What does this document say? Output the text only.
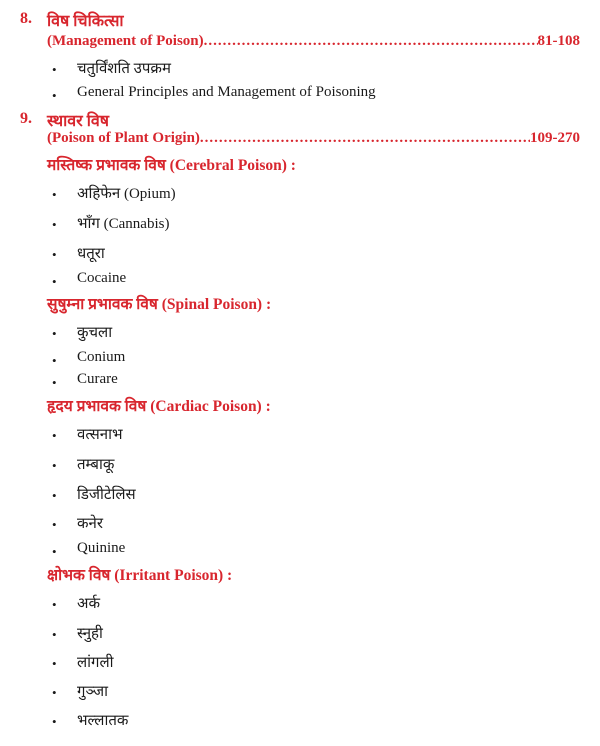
8. विष चिकित्सा
(Management of Poison) .....	81-108
• चतुर्विंशति उपक्रम
• General Principles and Management of Poisoning
9. स्थावर विष
(Poison of Plant Origin) .....	109-270
मस्तिष्क प्रभावक विष (Cerebral Poison) :
• अहिफेन (Opium)
• भाँग (Cannabis)
• धतूरा
• Cocaine
सुषुम्ना प्रभावक विष (Spinal Poison) :
• कुचला
• Conium
• Curare
हृदय प्रभावक विष (Cardiac Poison) :
• वत्सनाभ
• तम्बाकू
• डिजीटेलिस
• कनेर
• Quinine
क्षोभक विष (Irritant Poison) :
• अर्क
• स्नुही
• लांगली
• गुञ्जा
• भल्लातक
